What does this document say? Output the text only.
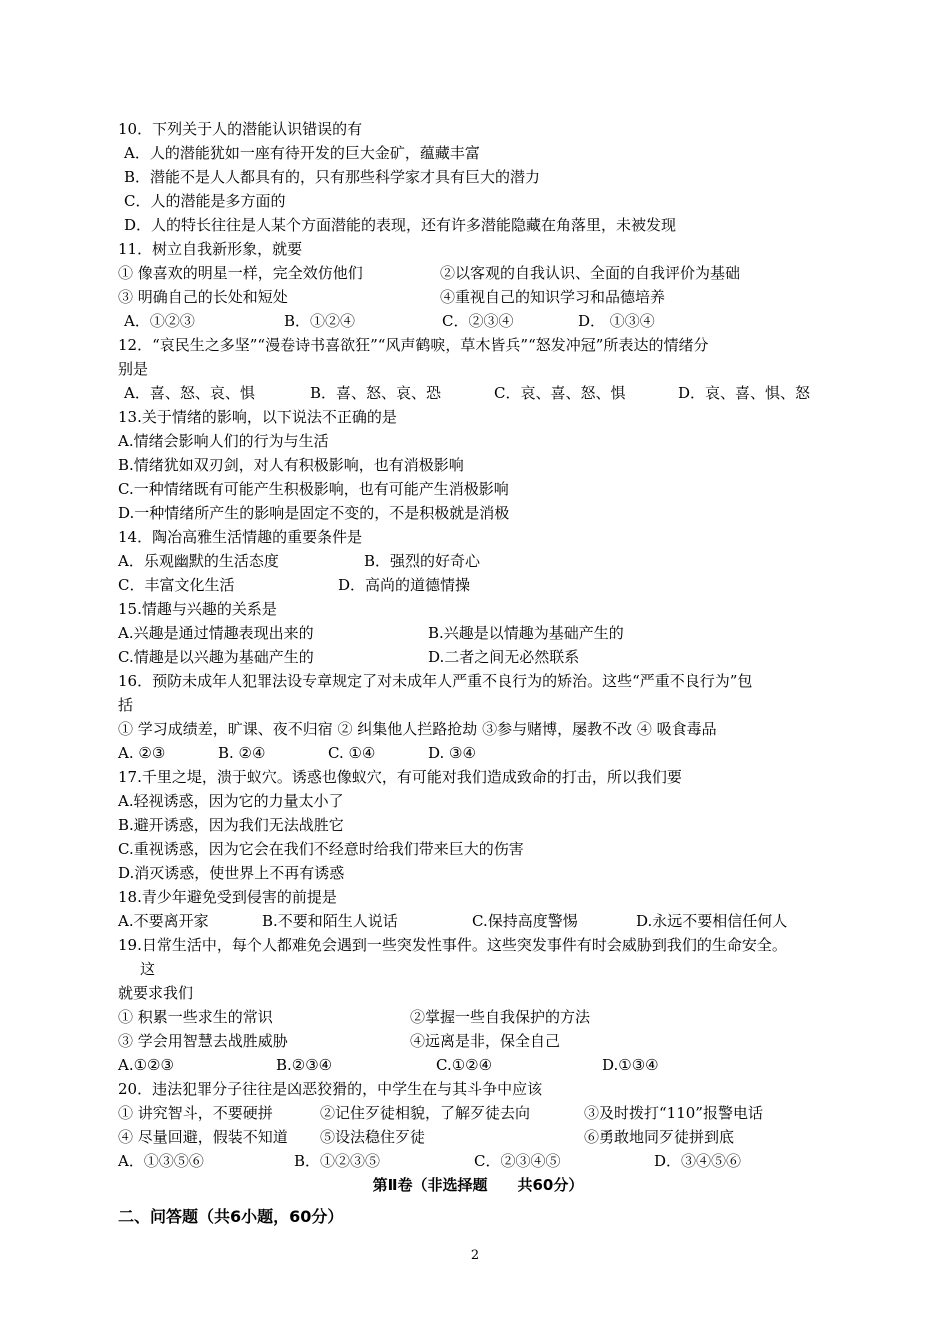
10．下列关于人的潜能认识错误的有
A．人的潜能犹如一座有待开发的巨大金矿，蕴藏丰富
B．潜能不是人人都具有的，只有那些科学家才具有巨大的潜力
C．人的潜能是多方面的
D．人的特长往往是人某个方面潜能的表现，还有许多潜能隐藏在角落里，未被发现
11．树立自我新形象，就要
① 像喜欢的明星一样，完全效仿他们	②以客观的自我认识、全面的自我评价为基础
③ 明确自己的长处和短处	④重视自己的知识学习和品德培养
A．①②③	B．①②④	C．②③④	D． ①③④
12．“哀民生之多坚”“漫卷诗书喜欲狂”“风声鹤唳，草木皆兵”“怒发冲冠”所表达的情绪分
别是
A．喜、怒、哀、惧	B．喜、怒、哀、恐	C．哀、喜、怒、惧	D．哀、喜、惧、怒
13.关于情绪的影响，以下说法不正确的是
A.情绪会影响人们的行为与生活
B.情绪犹如双刃剑，对人有积极影响，也有消极影响
C.一种情绪既有可能产生积极影响，也有可能产生消极影响
D.一种情绪所产生的影响是固定不变的，不是积极就是消极
14．陶冶高雅生活情趣的重要条件是
A．乐观幽默的生活态度	B．强烈的好奇心
C．丰富文化生活	D．高尚的道德情操
15.情趣与兴趣的关系是
A.兴趣是通过情趣表现出来的	B.兴趣是以情趣为基础产生的
C.情趣是以兴趣为基础产生的	D.二者之间无必然联系
16．预防未成年人犯罪法设专章规定了对未成年人严重不良行为的矫治。这些“严重不良行为”包
括
① 学习成绩差，旷课、夜不归宿 ② 纠集他人拦路抢劫 ③参与赌博，屡教不改 ④ 吸食毒品
A. ②③	B. ②④	C. ①④	D. ③④
17.千里之堤，溃于蚁穴。诱惑也像蚁穴，有可能对我们造成致命的打击，所以我们要
A.轻视诱惑，因为它的力量太小了
B.避开诱惑，因为我们无法战胜它
C.重视诱惑，因为它会在我们不经意时给我们带来巨大的伤害
D.消灭诱惑，使世界上不再有诱惑
18.青少年避免受到侵害的前提是
A.不要离开家	B.不要和陌生人说话	C.保持高度警惕	D.永远不要相信任何人
19.日常生活中，每个人都难免会遇到一些突发性事件。这些突发事件有时会威胁到我们的生命安全。
这
就要求我们
① 积累一些求生的常识	②掌握一些自我保护的方法
③ 学会用智慧去战胜威胁	④远离是非，保全自己
A.①②③	B.②③④	C.①②④	D.①③④
20．违法犯罪分子往往是凶恶狡猾的，中学生在与其斗争中应该
① 讲究智斗，不要硬拼	②记住歹徒相貌，了解歹徒去向	③及时拨打“110”报警电话
④ 尽量回避，假装不知道	⑤设法稳住歹徒	⑥勇敢地同歹徒拼到底
A．①③⑤⑥	B．①②③⑤	C．②③④⑤	D．③④⑤⑥
第Ⅱ卷（非选择题　　共60分）
二、问答题（共6小题，60分）
2
